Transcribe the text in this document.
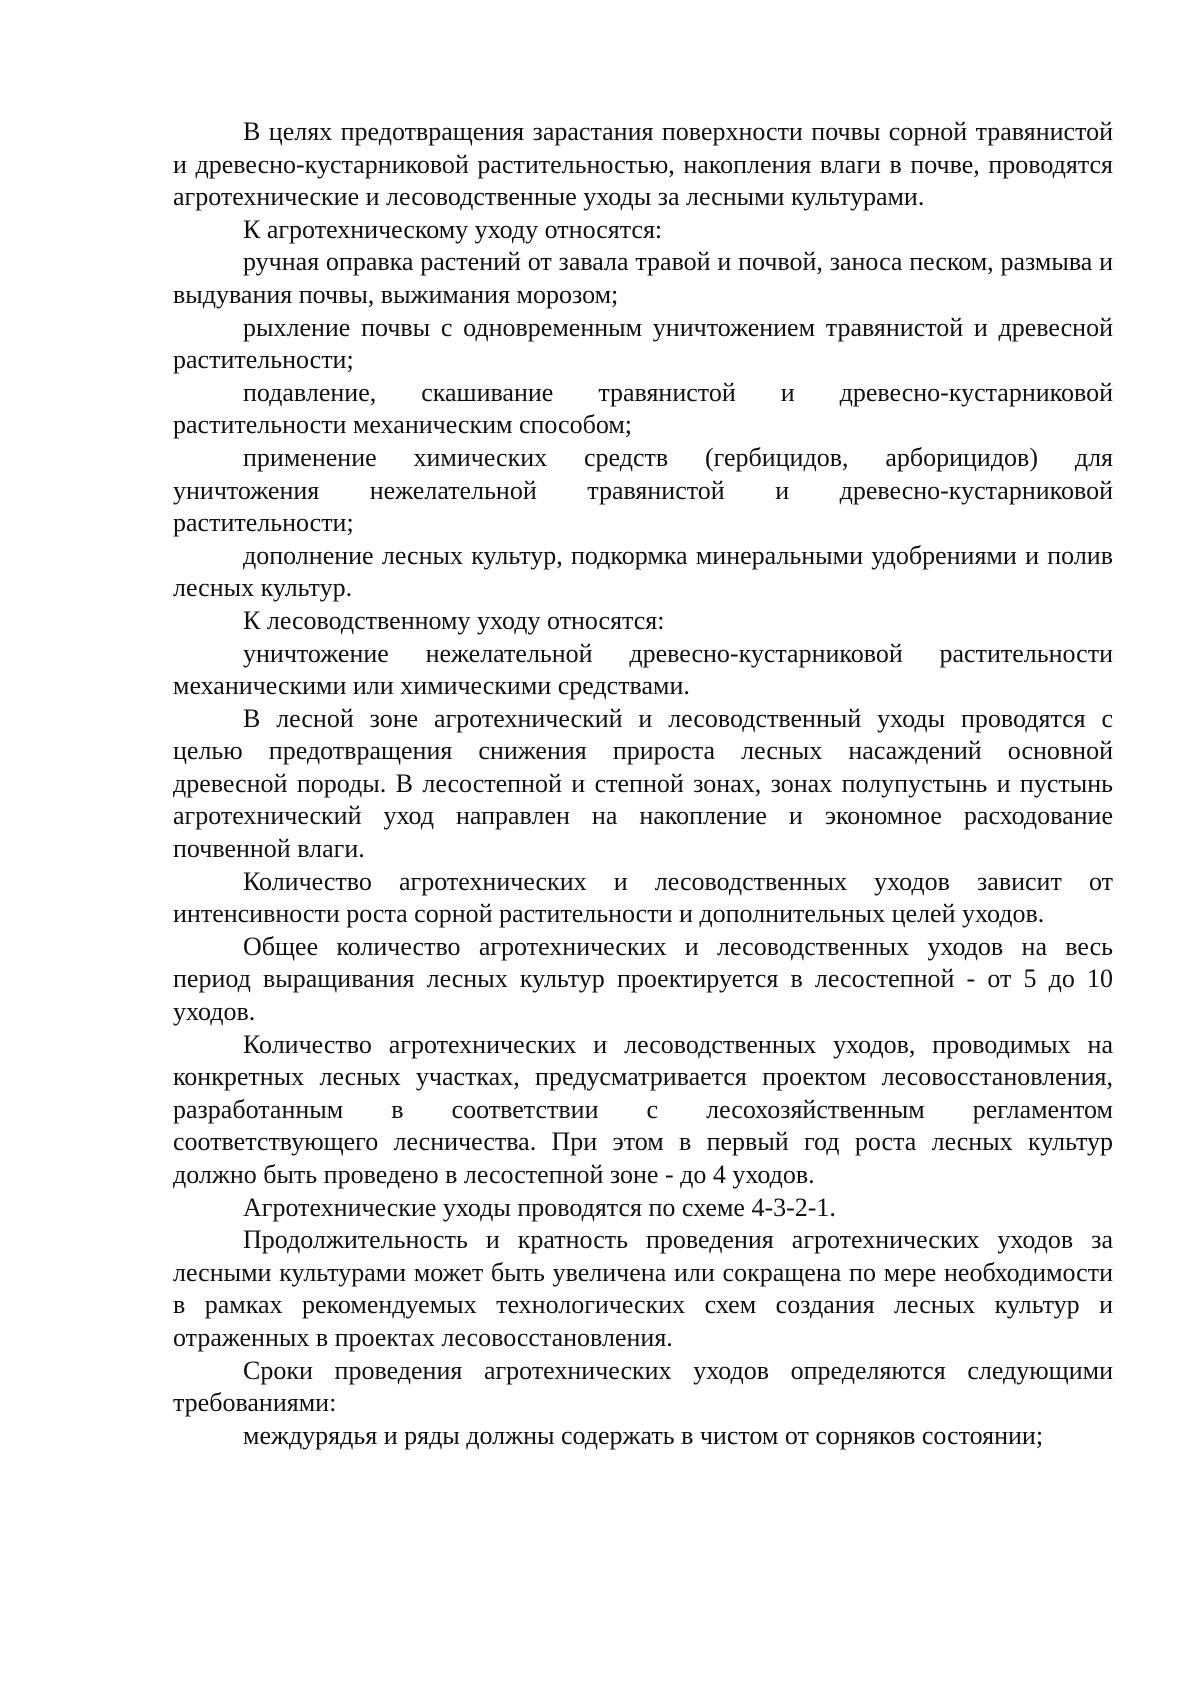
В целях предотвращения зарастания поверхности почвы сорной травянистой и древесно-кустарниковой растительностью, накопления влаги в почве, проводятся агротехнические и лесоводственные уходы за лесными культурами.

К агротехническому уходу относятся:

ручная оправка растений от завала травой и почвой, заноса песком, размыва и выдувания почвы, выжимания морозом;

рыхление почвы с одновременным уничтожением травянистой и древесной растительности;

подавление, скашивание травянистой и древесно-кустарниковой растительности механическим способом;

применение химических средств (гербицидов, арборицидов) для уничтожения нежелательной травянистой и древесно-кустарниковой растительности;

дополнение лесных культур, подкормка минеральными удобрениями и полив лесных культур.

К лесоводственному уходу относятся:

уничтожение нежелательной древесно-кустарниковой растительности механическими или химическими средствами.

В лесной зоне агротехнический и лесоводственный уходы проводятся с целью предотвращения снижения прироста лесных насаждений основной древесной породы. В лесостепной и степной зонах, зонах полупустынь и пустынь агротехнический уход направлен на накопление и экономное расходование почвенной влаги.

Количество агротехнических и лесоводственных уходов зависит от интенсивности роста сорной растительности и дополнительных целей уходов.

Общее количество агротехнических и лесоводственных уходов на весь период выращивания лесных культур проектируется в лесостепной - от 5 до 10 уходов.

Количество агротехнических и лесоводственных уходов, проводимых на конкретных лесных участках, предусматривается проектом лесовосстановления, разработанным в соответствии с лесохозяйственным регламентом соответствующего лесничества. При этом в первый год роста лесных культур должно быть проведено в лесостепной зоне - до 4 уходов.

Агротехнические уходы проводятся по схеме 4-3-2-1.

Продолжительность и кратность проведения агротехнических уходов за лесными культурами может быть увеличена или сокращена по мере необходимости в рамках рекомендуемых технологических схем создания лесных культур и отраженных в проектах лесовосстановления.

Сроки проведения агротехнических уходов определяются следующими требованиями:

междурядья и ряды должны содержать в чистом от сорняков состоянии;
